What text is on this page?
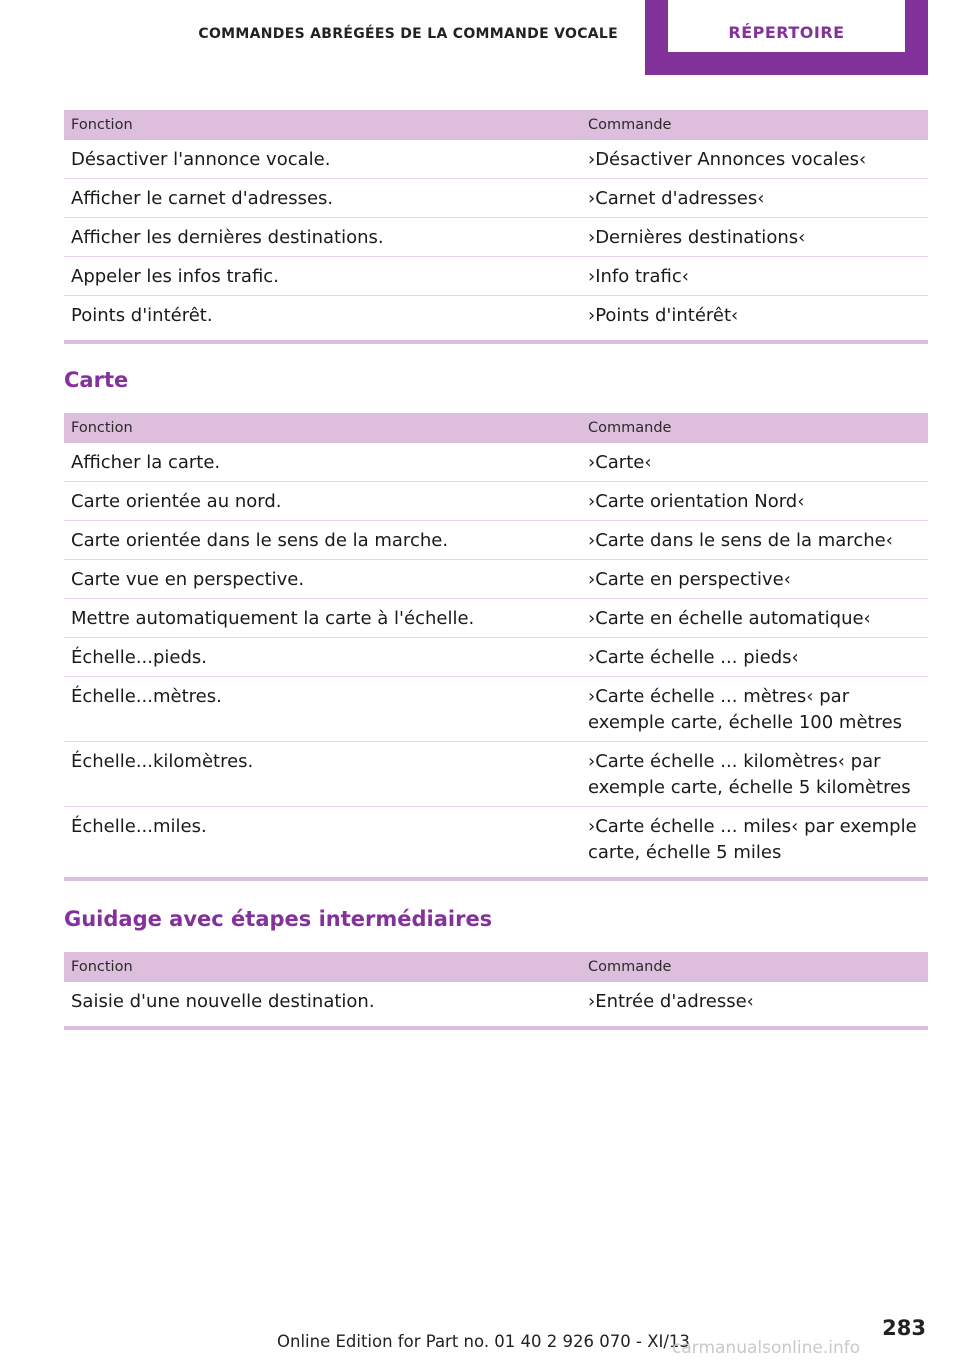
COMMANDES ABRÉGÉES DE LA COMMANDE VOCALE	RÉPERTOIRE
Fonction	Commande
Désactiver l'annonce vocale.	›Désactiver Annonces vocales‹
Afficher le carnet d'adresses.	›Carnet d'adresses‹
Afficher les dernières destinations.	›Dernières destinations‹
Appeler les infos trafic.	›Info trafic‹
Points d'intérêt.	›Points d'intérêt‹
Carte
Fonction	Commande
Afficher la carte.	›Carte‹
Carte orientée au nord.	›Carte orientation Nord‹
Carte orientée dans le sens de la marche.	›Carte dans le sens de la marche‹
Carte vue en perspective.	›Carte en perspective‹
Mettre automatiquement la carte à l'échelle.	›Carte en échelle automatique‹
Échelle...pieds.	›Carte échelle ... pieds‹
Échelle...mètres.	›Carte échelle ... mètres‹ par exemple carte, échelle 100 mètres
Échelle...kilomètres.	›Carte échelle ... kilomètres‹ par exemple carte, échelle 5 kilomètres
Échelle...miles.	›Carte échelle ... miles‹ par exemple carte, échelle 5 miles
Guidage avec étapes intermédiaires
Fonction	Commande
Saisie d'une nouvelle destination.	›Entrée d'adresse‹
283
Online Edition for Part no. 01 40 2 926 070 - XI/13
carmanualsonline.info
